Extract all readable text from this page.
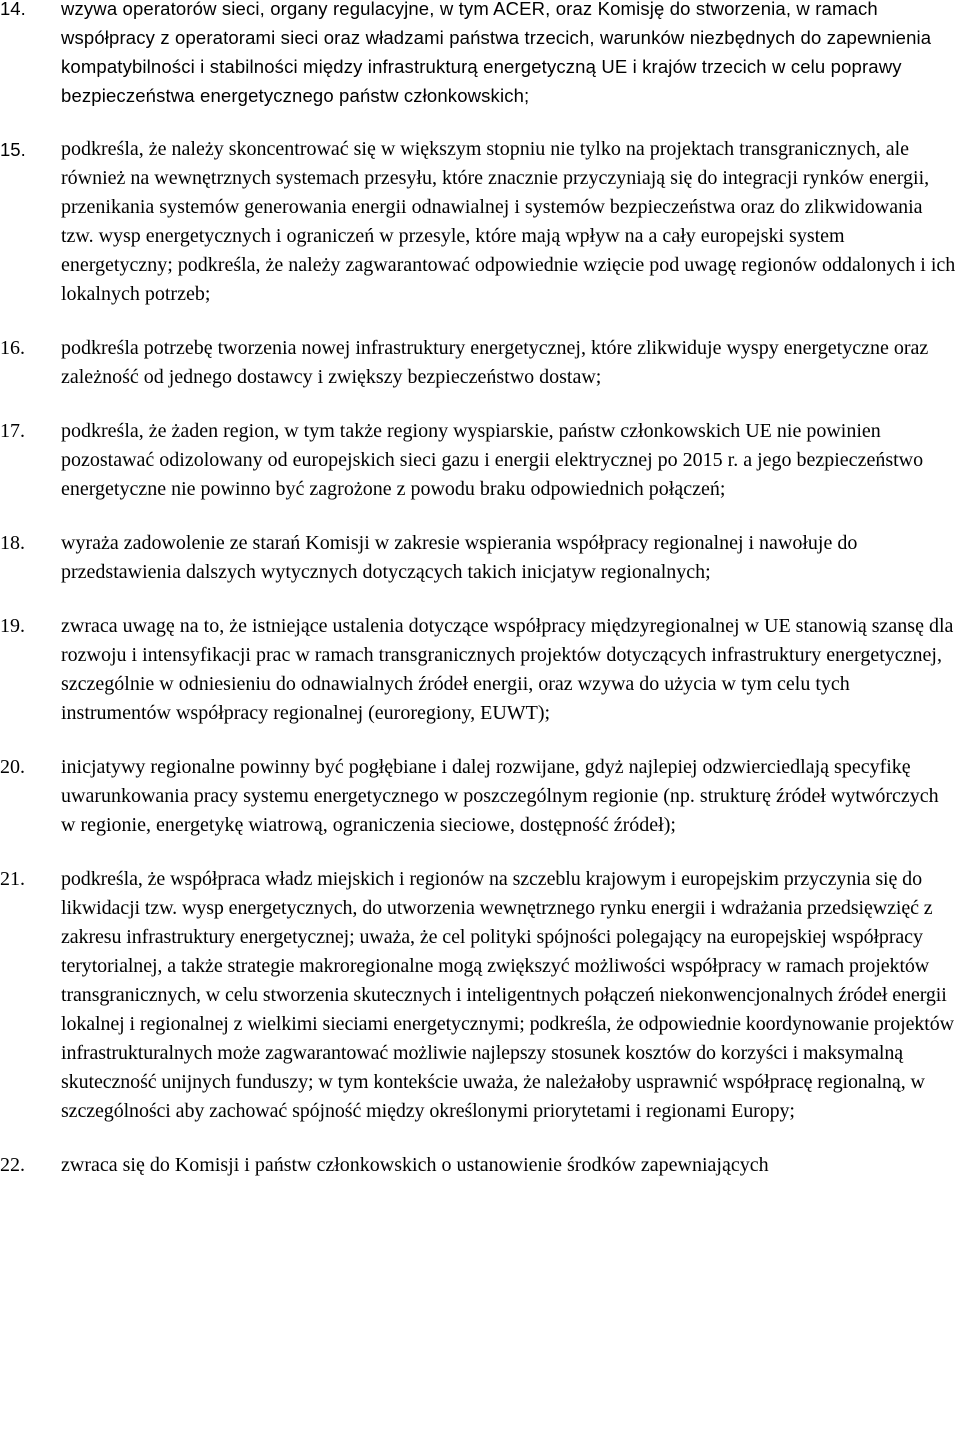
14.	wzywa operatorów sieci, organy regulacyjne, w tym ACER, oraz Komisję do stworzenia, w ramach współpracy z operatorami sieci oraz władzami państwa trzecich, warunków niezbędnych do zapewnienia kompatybilności i stabilności między infrastrukturą energetyczną UE i krajów trzecich w celu poprawy bezpieczeństwa energetycznego państw członkowskich;
15.	podkreśla, że należy skoncentrować się w większym stopniu nie tylko na projektach transgranicznych, ale również na wewnętrznych systemach przesyłu, które znacznie przyczyniają się do integracji rynków energii, przenikania systemów generowania energii odnawialnej i systemów bezpieczeństwa oraz do zlikwidowania tzw. wysp energetycznych i ograniczeń w przesyle, które mają wpływ na a cały europejski system energetyczny; podkreśla, że należy zagwarantować odpowiednie wzięcie pod uwagę regionów oddalonych i ich lokalnych potrzeb;
16.	podkreśla potrzebę tworzenia nowej infrastruktury energetycznej, które zlikwiduje wyspy energetyczne oraz zależność od jednego dostawcy i zwiększy bezpieczeństwo dostaw;
17.	podkreśla, że żaden region, w tym także regiony wyspiarskie, państw członkowskich UE nie powinien pozostawać odizolowany od europejskich sieci gazu i energii elektrycznej po 2015 r. a jego bezpieczeństwo energetyczne nie powinno być zagrożone z powodu braku odpowiednich połączeń;
18.	wyraża zadowolenie ze starań Komisji w zakresie wspierania współpracy regionalnej i nawołuje do przedstawienia dalszych wytycznych dotyczących takich inicjatyw regionalnych;
19.	zwraca uwagę na to, że istniejące ustalenia dotyczące współpracy międzyregionalnej w UE stanowią szansę dla rozwoju i intensyfikacji prac w ramach transgranicznych projektów dotyczących infrastruktury energetycznej, szczególnie w odniesieniu do odnawialnych źródeł energii, oraz wzywa do użycia w tym celu tych instrumentów współpracy regionalnej (euroregiony, EUWT);
20.	inicjatywy regionalne powinny być pogłębiane i dalej rozwijane, gdyż najlepiej odzwierciedlają specyfikę uwarunkowania pracy systemu energetycznego w poszczególnym regionie (np. strukturę źródeł wytwórczych w regionie, energetykę wiatrową, ograniczenia sieciowe, dostępność źródeł);
21.	podkreśla, że współpraca władz miejskich i regionów na szczeblu krajowym i europejskim przyczynia się do likwidacji tzw. wysp energetycznych, do utworzenia wewnętrznego rynku energii i wdrażania przedsięwzięć z zakresu infrastruktury energetycznej; uważa, że cel polityki spójności polegający na europejskiej współpracy terytorialnej, a także strategie makroregionalne mogą zwiększyć możliwości współpracy w ramach projektów transgranicznych, w celu stworzenia skutecznych i inteligentnych połączeń niekonwencjonalnych źródeł energii lokalnej i regionalnej z wielkimi sieciami energetycznymi; podkreśla, że odpowiednie koordynowanie projektów infrastrukturalnych może zagwarantować możliwie najlepszy stosunek kosztów do korzyści i maksymalną skuteczność unijnych funduszy; w tym kontekście uważa, że należałoby usprawnić współpracę regionalną, w szczególności aby zachować spójność między określonymi priorytetami i regionami Europy;
22.	zwraca się do Komisji i państw członkowskich o ustanowienie środków zapewniających
